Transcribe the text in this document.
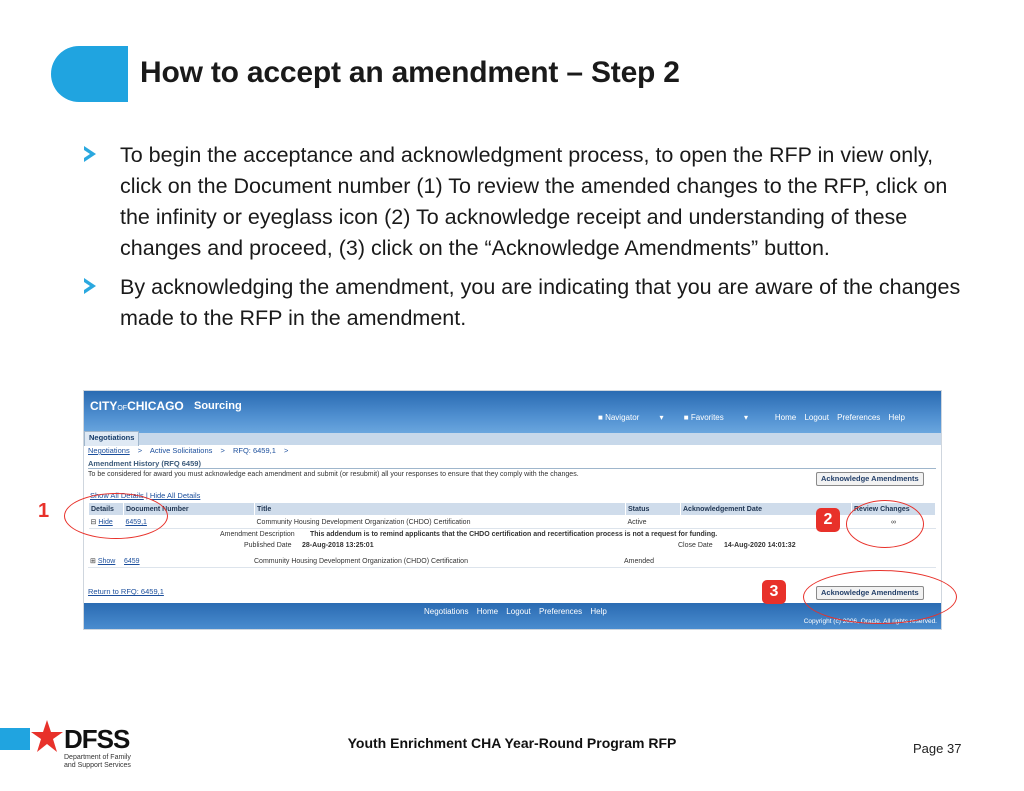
How to accept an amendment – Step 2
To begin the acceptance and acknowledgment process, to open the RFP in view only, click on the Document number (1) To review the amended changes to the RFP, click on the infinity or eyeglass icon (2) To acknowledge receipt and understanding of these changes and proceed, (3) click on the “Acknowledge Amendments” button.
By acknowledging the amendment, you are indicating that you are aware of the changes made to the RFP in the amendment.
CITYOFCHICAGO Sourcing
■ Navigator ▾	■ Favorites ▾	Home Logout Preferences Help
Negotiations
Negotiations > Active Solicitations > RFQ: 6459,1 >
Amendment History (RFQ 6459)
To be considered for award you must acknowledge each amendment and submit (or resubmit) all your responses to ensure that they comply with the changes.	Acknowledge Amendments
Show All Details | Hide All Details
Details	Document Number	Title	Status	Acknowledgement Date	Review Changes
⊟ Hide	6459,1	Community Housing Development Organization (CHDO) Certification	Active		∞
Amendment Description This addendum is to remind applicants that the CHDO certification and recertification process is not a request for funding.
Published Date 28-Aug-2018 13:25:01	Close Date 14-Aug-2020 14:01:32
⊞ Show	6459	Community Housing Development Organization (CHDO) Certification	Amended		
Return to RFQ: 6459,1	Acknowledge Amendments
Negotiations Home Logout Preferences Help
Copyright (c) 2006, Oracle. All rights reserved.
1	2
3
DFSS
Department of Family and Support Services
Youth Enrichment CHA Year-Round Program RFP	Page 37
